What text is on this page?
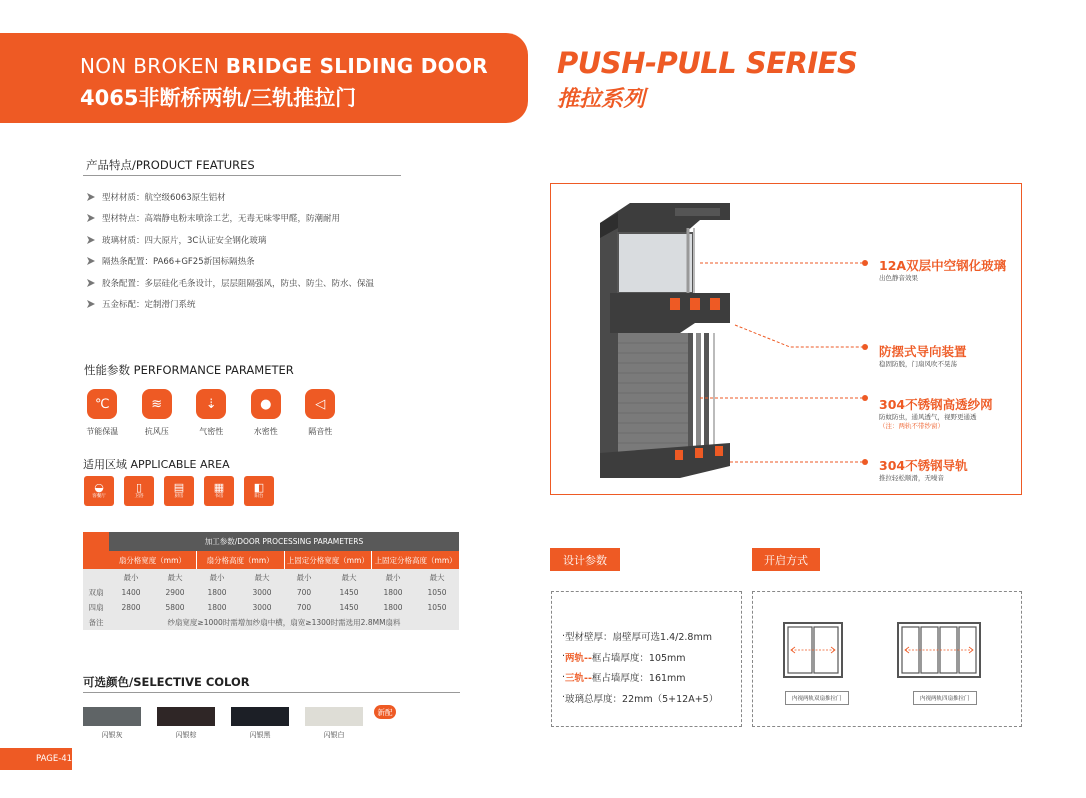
NON BROKEN BRIDGE SLIDING DOOR
4065非断桥两轨/三轨推拉门
PUSH-PULL SERIES
推拉系列
产品特点/PRODUCT FEATURES
型材材质：航空级6063原生铝材
型材特点：高端静电粉末喷涂工艺，无毒无味零甲醛，防潮耐用
玻璃材质：四大原片，3C认证安全钢化玻璃
隔热条配置：PA66+GF25新国标隔热条
胶条配置：多层硅化毛条设计，层层阻隔强风，防虫、防尘、防水、保温
五金标配：定制滑门系统
性能参数 PERFORMANCE PARAMETER
℃
节能保温
≋
抗风压
⇣
气密性
●
水密性
◁
隔音性
适用区域 APPLICABLE AREA
◒
客餐厅
▯
卫浴
▤
厨房
▦
书房
◧
阳台
加工参数/DOOR PROCESSING PARAMETERS
扇分格宽度（mm）	扇分格高度（mm）	上固定分格宽度（mm） 上固定分格高度（mm）
最小	最大	最小	最大	最小	最大	最小	最大
双扇	1400	2900	1800	3000	700	1450	1800	1050
四扇	2800	5800	1800	3000	700	1450	1800	1050
备注	纱扇宽度≥1000时需增加纱扇中横，扇宽≥1300时需选用2.8MM扇料
可选颜色/SELECTIVE COLOR
闪银灰	闪银棕	闪银黑	闪银白
新配
PAGE-41
12A双层中空钢化玻璃
出色静音效果
防摆式导向装置
稳固防脱，门扇风吹不晃荡
304不锈钢高透纱网
防蚊防虫，通风透气，视野更通透
（注：两轨不带纱窗）
304不锈钢导轨
推拉轻松顺滑，无噪音
设计参数
· 型材壁厚：扇壁厚可选1.4/2.8mm
· 两轨-- 框占墙厚度：105mm
· 三轨-- 框占墙厚度：161mm
· 玻璃总厚度：22mm（5+12A+5）
开启方式
内视两轨双扇推拉门	内视两轨四扇推拉门
